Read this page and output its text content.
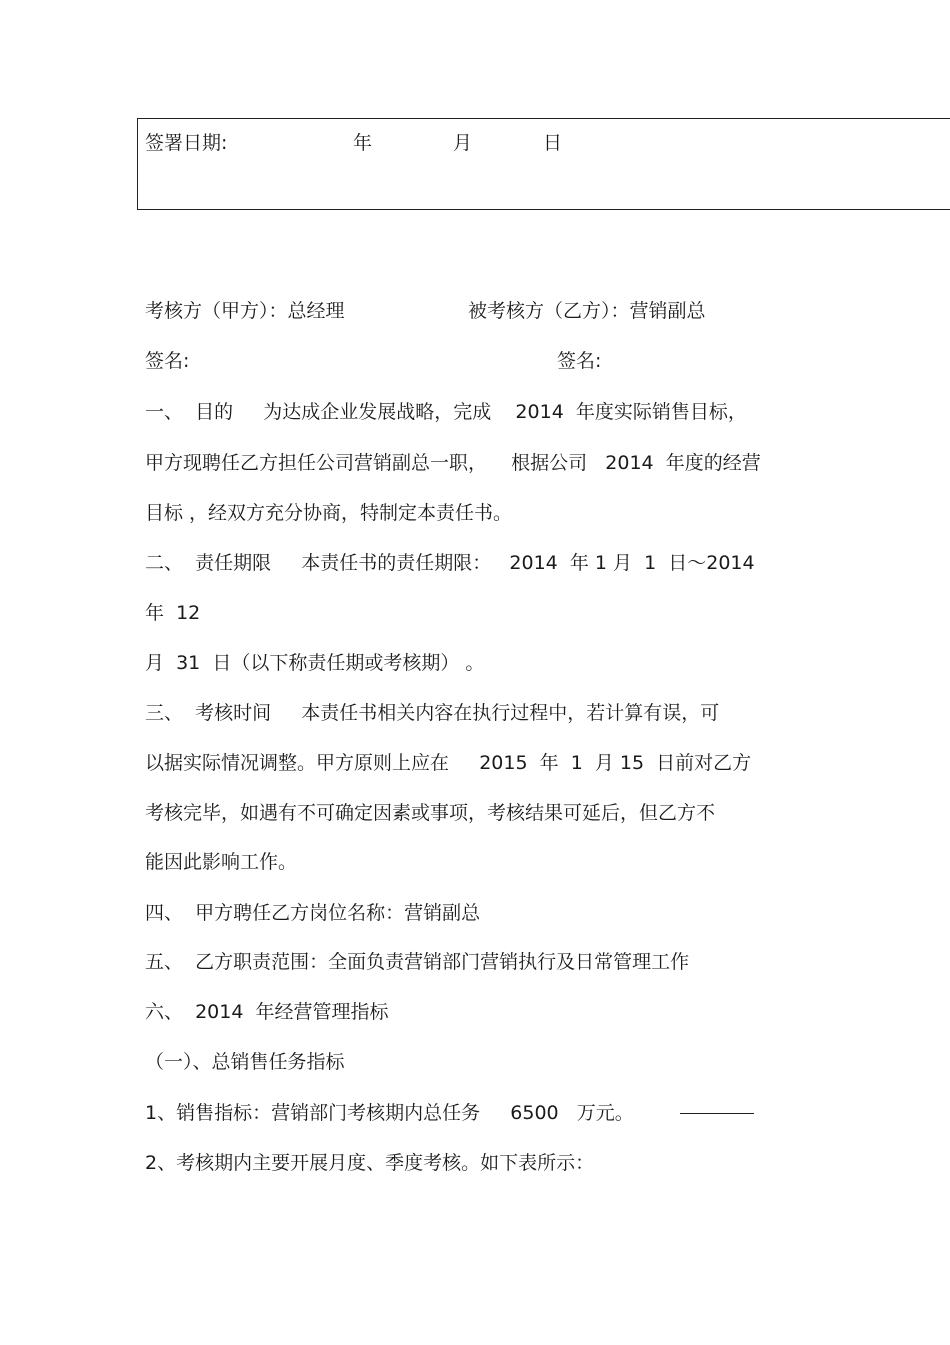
签署日期:	年	月	日
考核方（甲方）：总经理	被考核方（乙方）：营销副总
签名:	签名:
一、  目的     为达成企业发展战略，完成    2014  年度实际销售目标，
甲方现聘任乙方担任公司营销副总一职，    根据公司   2014  年度的经营
目标 ，经双方充分协商，特制定本责任书。
二、  责任期限     本责任书的责任期限：   2014  年 1 月  1  日～2014
年  12
月  31  日（以下称责任期或考核期） 。
三、  考核时间     本责任书相关内容在执行过程中，若计算有误，可
以据实际情况调整。甲方原则上应在     2015  年  1  月 15  日前对乙方
考核完毕，如遇有不可确定因素或事项，考核结果可延后，但乙方不
能因此影响工作。
四、  甲方聘任乙方岗位名称：营销副总
五、  乙方职责范围：全面负责营销部门营销执行及日常管理工作
六、  2014  年经营管理指标
（一）、总销售任务指标
1、销售指标：营销部门考核期内总任务     6500   万元。
2、考核期内主要开展月度、季度考核。如下表所示：
